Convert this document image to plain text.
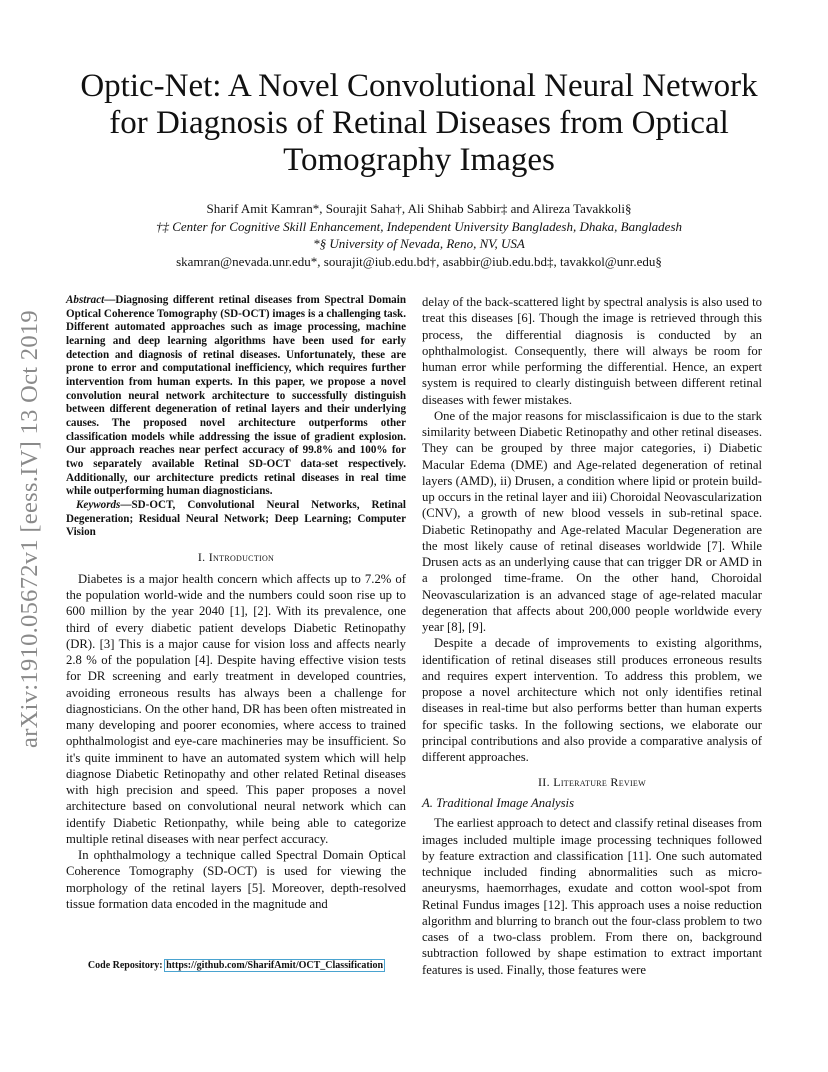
arXiv:1910.05672v1 [eess.IV] 13 Oct 2019
Optic-Net: A Novel Convolutional Neural Network
for Diagnosis of Retinal Diseases from Optical
Tomography Images
Sharif Amit Kamran*, Sourajit Saha†, Ali Shihab Sabbir‡ and Alireza Tavakkoli§
†‡ Center for Cognitive Skill Enhancement, Independent University Bangladesh, Dhaka, Bangladesh
*§ University of Nevada, Reno, NV, USA
skamran@nevada.unr.edu*, sourajit@iub.edu.bd†, asabbir@iub.edu.bd‡, tavakkol@unr.edu§
Abstract—Diagnosing different retinal diseases from Spectral Domain Optical Coherence Tomography (SD-OCT) images is a challenging task. Different automated approaches such as image processing, machine learning and deep learning algorithms have been used for early detection and diagnosis of retinal diseases. Unfortunately, these are prone to error and computational inefficiency, which requires further intervention from human experts. In this paper, we propose a novel convolution neural network architecture to successfully distinguish between different degeneration of retinal layers and their underlying causes. The proposed novel architecture outperforms other classification models while addressing the issue of gradient explosion. Our approach reaches near perfect accuracy of 99.8% and 100% for two separately available Retinal SD-OCT data-set respectively. Additionally, our architecture predicts retinal diseases in real time while outperforming human diagnosticians.
Keywords—SD-OCT, Convolutional Neural Networks, Retinal Degeneration; Residual Neural Network; Deep Learning; Computer Vision
I. Introduction

Diabetes is a major health concern which affects up to 7.2% of the population world-wide and the numbers could soon rise up to 600 million by the year 2040 [1], [2]. With its prevalence, one third of every diabetic patient develops Diabetic Retinopathy (DR). [3] This is a major cause for vision loss and affects nearly 2.8 % of the population [4]. Despite having effective vision tests for DR screening and early treatment in developed countries, avoiding erroneous results has always been a challenge for diagnosticians. On the other hand, DR has been often mistreated in many developing and poorer economies, where access to trained ophthalmologist and eye-care machineries may be insufficient. So it's quite imminent to have an automated system which will help diagnose Diabetic Retinopathy and other related Retinal diseases with high precision and speed. This paper proposes a novel architecture based on convolutional neural network which can identify Diabetic Retionpathy, while being able to categorize multiple retinal diseases with near perfect accuracy.

In ophthalmology a technique called Spectral Domain Optical Coherence Tomography (SD-OCT) is used for viewing the morphology of the retinal layers [5]. Moreover, depth-resolved tissue formation data encoded in the magnitude and

Code Repository: https://github.com/SharifAmit/OCT_Classification

delay of the back-scattered light by spectral analysis is also used to treat this diseases [6]. Though the image is retrieved through this process, the differential diagnosis is conducted by an ophthalmologist. Consequently, there will always be room for human error while performing the differential. Hence, an expert system is required to clearly distinguish between different retinal diseases with fewer mistakes.

One of the major reasons for misclassificaion is due to the stark similarity between Diabetic Retinopathy and other retinal diseases. They can be grouped by three major categories, i) Diabetic Macular Edema (DME) and Age-related degeneration of retinal layers (AMD), ii) Drusen, a condition where lipid or protein build-up occurs in the retinal layer and iii) Choroidal Neovascularization (CNV), a growth of new blood vessels in sub-retinal space. Diabetic Retinopathy and Age-related Macular Degeneration are the most likely cause of retinal diseases worldwide [7]. While Drusen acts as an underlying cause that can trigger DR or AMD in a prolonged time-frame. On the other hand, Choroidal Neovascularization is an advanced stage of age-related macular degeneration that affects about 200,000 people worldwide every year [8], [9].

Despite a decade of improvements to existing algorithms, identification of retinal diseases still produces erroneous results and requires expert intervention. To address this problem, we propose a novel architecture which not only identifies retinal diseases in real-time but also performs better than human experts for specific tasks. In the following sections, we elaborate our principal contributions and also provide a comparative analysis of different approaches.

II. Literature Review
A. Traditional Image Analysis

The earliest approach to detect and classify retinal diseases from images included multiple image processing techniques followed by feature extraction and classification [11]. One such automated technique included finding abnormalities such as micro-aneurysms, haemorrhages, exudate and cotton wool-spot from Retinal Fundus images [12]. This approach uses a noise reduction algorithm and blurring to branch out the four-class problem to two cases of a two-class problem. From there on, background subtraction followed by shape estimation to extract important features is used. Finally, those features were
